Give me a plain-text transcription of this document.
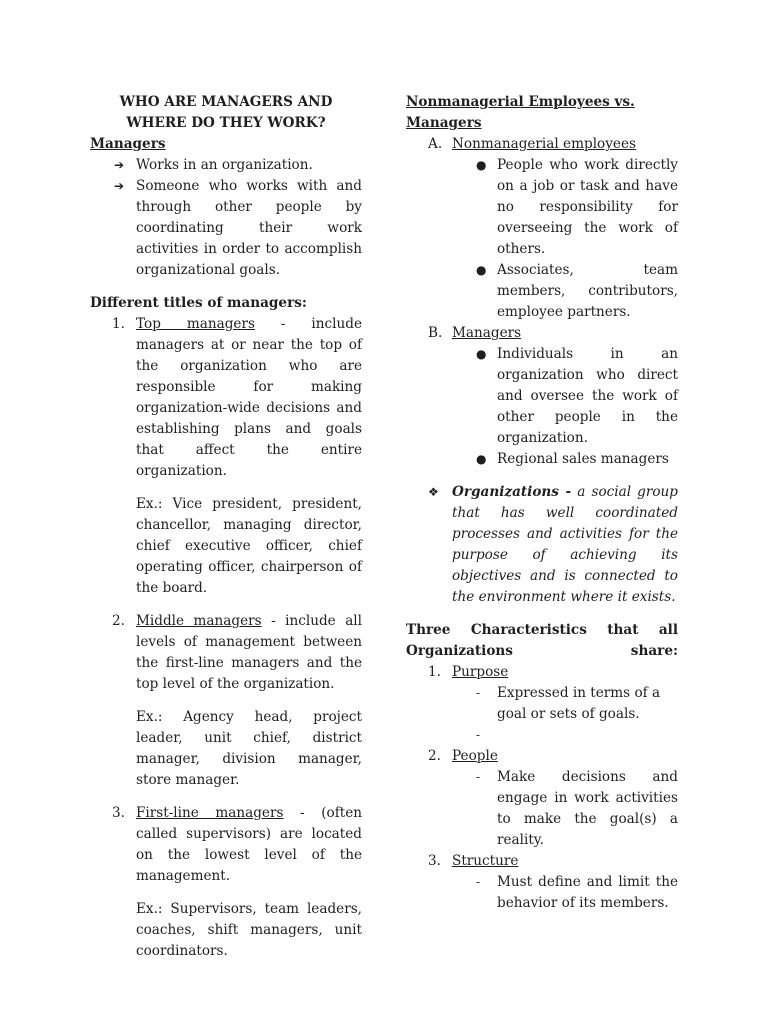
WHO ARE MANAGERS AND WHERE DO THEY WORK?

Managers

➔ Works in an organization.

➔ Someone who works with and through other people by coordinating their work activities in order to accomplish organizational goals.

Different titles of managers:

1. Top managers - include managers at or near the top of the organization who are responsible for making organization-wide decisions and establishing plans and goals that affect the entire organization.

Ex.: Vice president, president, chancellor, managing director, chief executive officer, chief operating officer, chairperson of the board.

2. Middle managers - include all levels of management between the first-line managers and the top level of the organization.

Ex.: Agency head, project leader, unit chief, district manager, division manager, store manager.

3. First-line managers - (often called supervisors) are located on the lowest level of the management.

Ex.: Supervisors, team leaders, coaches, shift managers, unit coordinators.

Nonmanagerial Employees vs. Managers

A. Nonmanagerial employees

● People who work directly on a job or task and have no responsibility for overseeing the work of others.

● Associates, team members, contributors, employee partners.

B. Managers

● Individuals in an organization who direct and oversee the work of other people in the organization.

● Regional sales managers

❖ Organizations - a social group that has well coordinated processes and activities for the purpose of achieving its objectives and is connected to the environment where it exists.

Three Characteristics that all Organizations share:

1. Purpose

- Expressed in terms of a goal or sets of goals.

-

2. People

- Make decisions and engage in work activities to make the goal(s) a reality.

3. Structure

- Must define and limit the behavior of its members.
